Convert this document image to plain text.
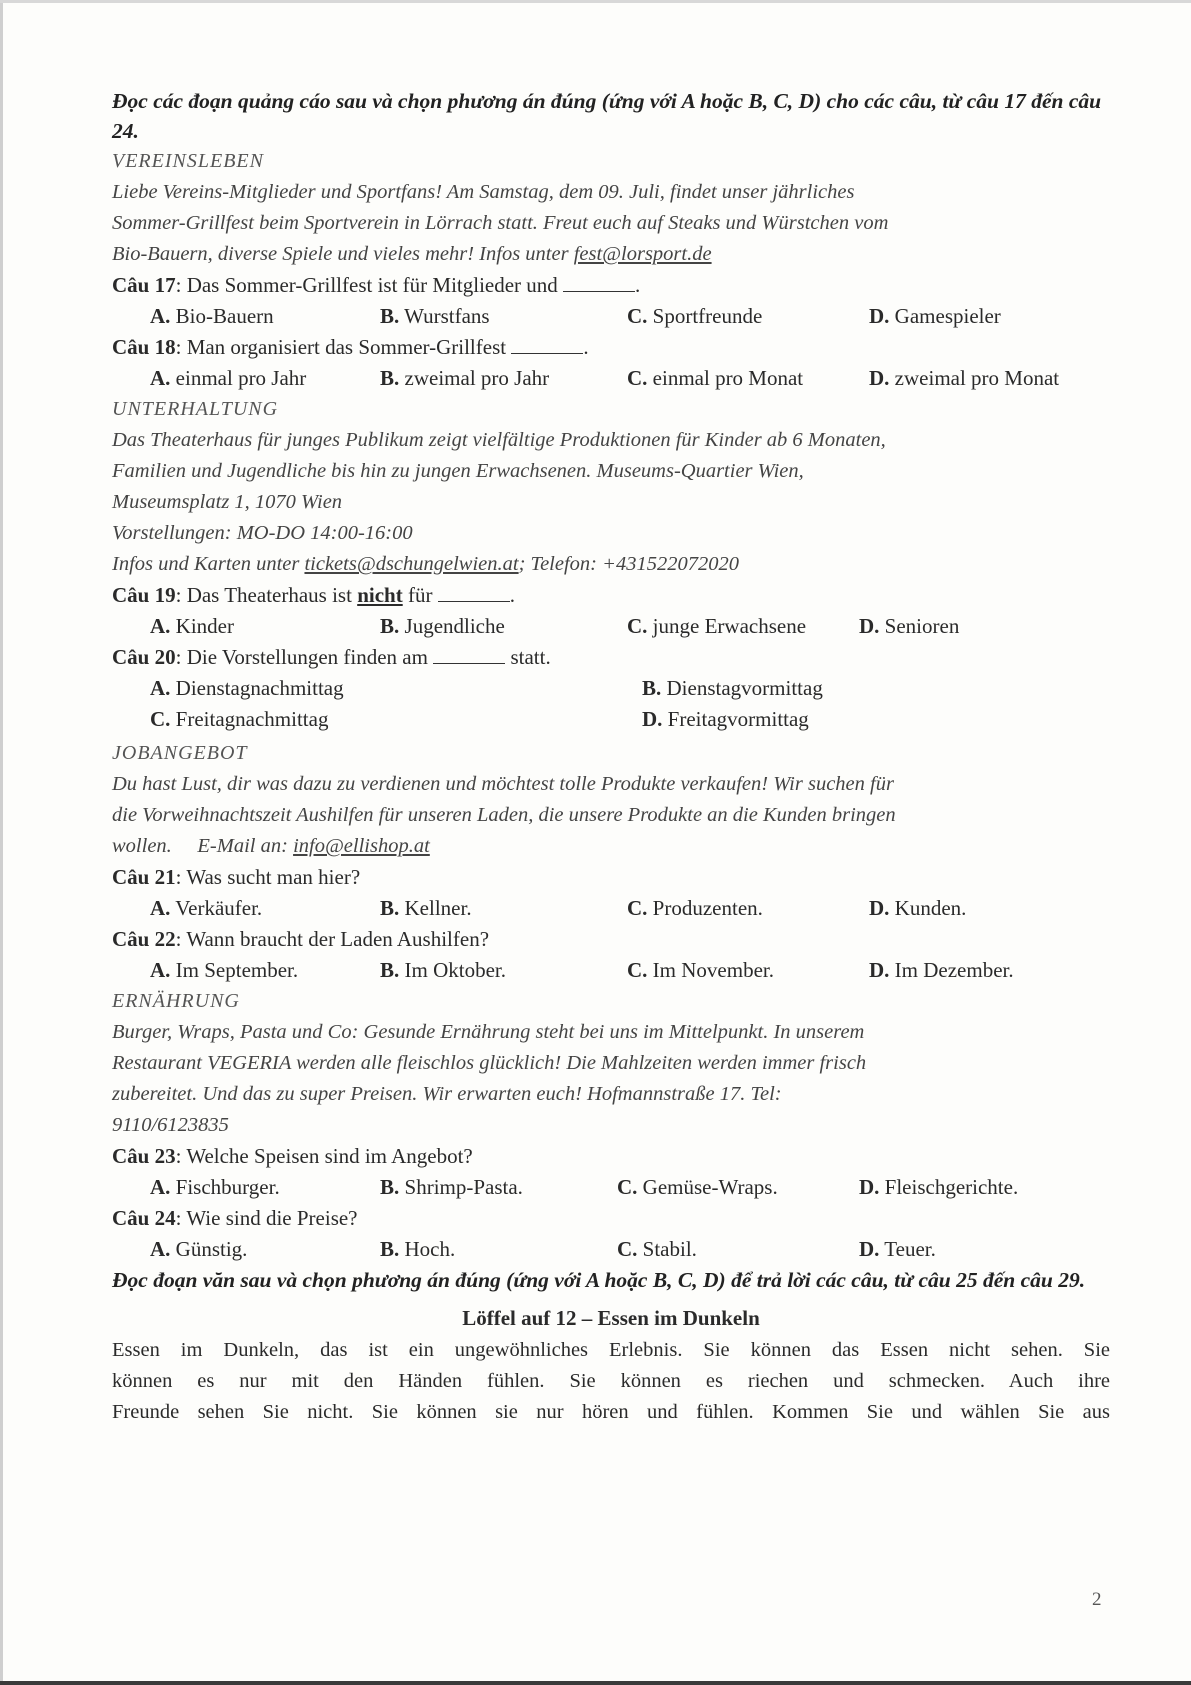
Đọc các đoạn quảng cáo sau và chọn phương án đúng (ứng với A hoặc B, C, D) cho các câu, từ câu 17 đến câu 24.
VEREINSLEBEN
Liebe Vereins-Mitglieder und Sportfans! Am Samstag, dem 09. Juli, findet unser jährliches
Sommer-Grillfest beim Sportverein in Lörrach statt. Freut euch auf Steaks und Würstchen vom
Bio-Bauern, diverse Spiele und vieles mehr! Infos unter fest@lorsport.de
Câu 17: Das Sommer-Grillfest ist für Mitglieder und	.
A. Bio-Bauern	B. Wurstfans	C. Sportfreunde	D. Gamespieler
Câu 18: Man organisiert das Sommer-Grillfest	.
A. einmal pro Jahr	B. zweimal pro Jahr	C. einmal pro Monat	D. zweimal pro Monat
UNTERHALTUNG
Das Theaterhaus für junges Publikum zeigt vielfältige Produktionen für Kinder ab 6 Monaten,
Familien und Jugendliche bis hin zu jungen Erwachsenen. Museums-Quartier Wien,
Museumsplatz 1, 1070 Wien
Vorstellungen: MO-DO 14:00-16:00
Infos und Karten unter tickets@dschungelwien.at; Telefon: +431522072020
Câu 19: Das Theaterhaus ist nicht für	.
A. Kinder	B. Jugendliche	C. junge Erwachsene	D. Senioren
Câu 20: Die Vorstellungen finden am	statt.
A. Dienstagnachmittag	B. Dienstagvormittag
C. Freitagnachmittag	D. Freitagvormittag
JOBANGEBOT
Du hast Lust, dir was dazu zu verdienen und möchtest tolle Produkte verkaufen! Wir suchen für
die Vorweihnachtszeit Aushilfen für unseren Laden, die unsere Produkte an die Kunden bringen
wollen.     E-Mail an: info@ellishop.at
Câu 21: Was sucht man hier?
A. Verkäufer.	B. Kellner.	C. Produzenten.	D. Kunden.
Câu 22: Wann braucht der Laden Aushilfen?
A. Im September.	B. Im Oktober.	C. Im November.	D. Im Dezember.
ERNÄHRUNG
Burger, Wraps, Pasta und Co: Gesunde Ernährung steht bei uns im Mittelpunkt. In unserem
Restaurant VEGERIA werden alle fleischlos glücklich! Die Mahlzeiten werden immer frisch
zubereitet. Und das zu super Preisen. Wir erwarten euch! Hofmannstraße 17. Tel:
9110/6123835
Câu 23: Welche Speisen sind im Angebot?
A. Fischburger.	B. Shrimp-Pasta.	C. Gemüse-Wraps.	D. Fleischgerichte.
Câu 24: Wie sind die Preise?
A. Günstig.	B. Hoch.	C. Stabil.	D. Teuer.
Đọc đoạn văn sau và chọn phương án đúng (ứng với A hoặc B, C, D) để trả lời các câu, từ câu 25 đến câu 29.
Löffel auf 12 – Essen im Dunkeln
Essen im Dunkeln, das ist ein ungewöhnliches Erlebnis. Sie können das Essen nicht sehen. Sie
können es nur mit den Händen fühlen. Sie können es riechen und schmecken. Auch ihre
Freunde sehen Sie nicht. Sie können sie nur hören und fühlen. Kommen Sie und wählen Sie aus
2
